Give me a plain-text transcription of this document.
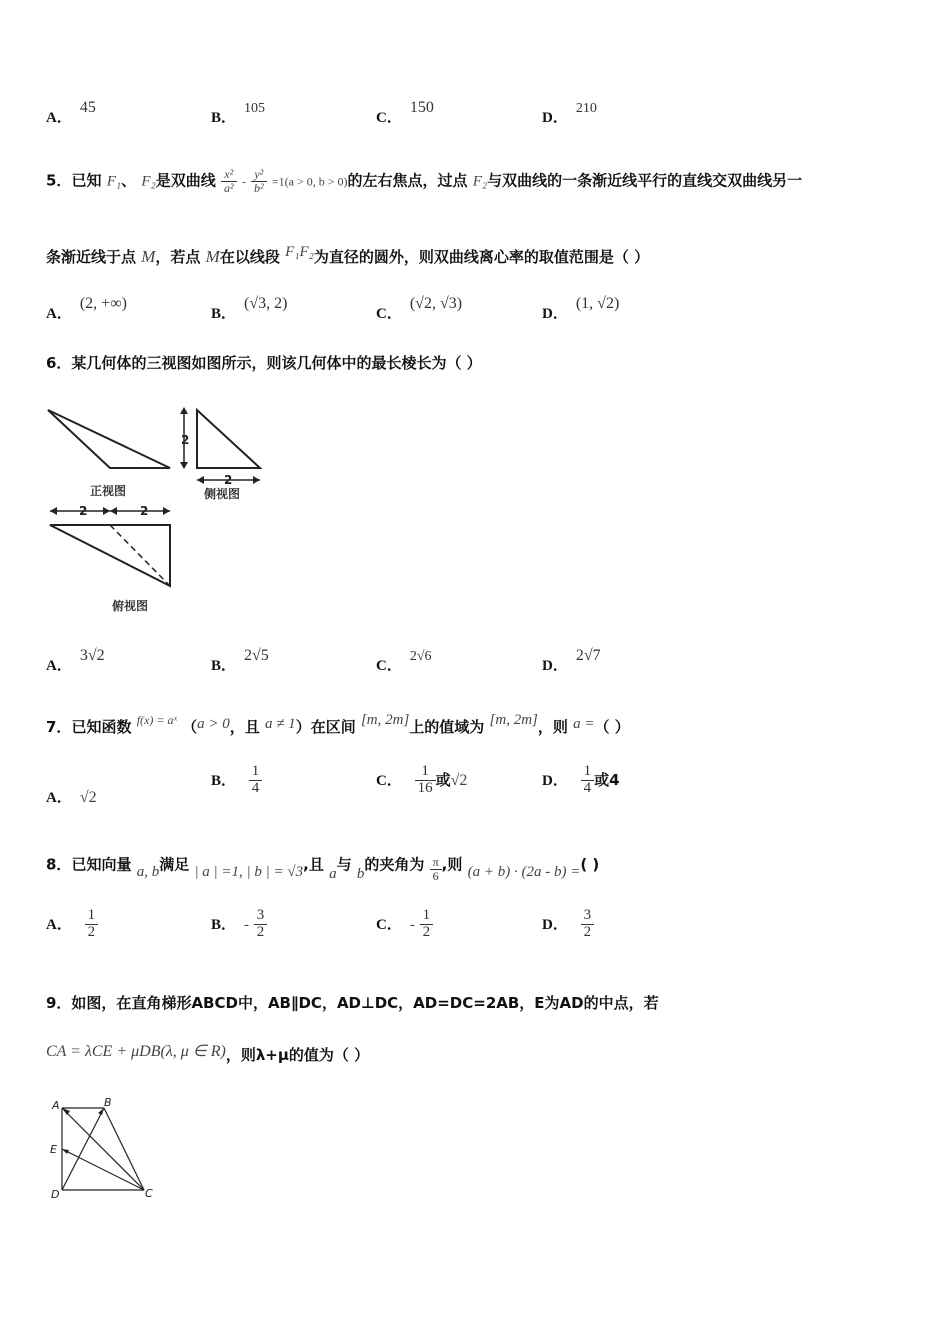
A．45
B．105
C．150
D．210
5．已知 F₁、 F₂是双曲线 $\frac{\text{x²}}{\text{a²}} - \frac{\text{y²}}{\text{b²}} =1(a > 0$, b > 0)的左右焦点，过点 F₂与双曲线的一条渐近线平行的直线交双曲线另一
条渐近线于点 M，若点 M在以线段 F₁F₂为直径的圆外，则双曲线离心率的取值范围是（ ）
A．(2, +∞)
B．(√3, 2)
C．(√2, √3)
D．(1, √2)
6．某几何体的三视图如图所示，则该几何体中的最长棱长为（ ）
正视图
2
2
侧视图
2	2
俯视图
A．3√2
B．2√5
C．2√6
D．2√7
7．已知函数 $^{f(x) = aˣ}$ （a > 0，且 a ≠ 1）在区间 [m, 2m]上的值域为 [m, 2m]，则 a =（ ）
A． √2
B． $\frac{1}{4}$	C． $\frac{1}{16}$ 或√2	D． $\frac{1}{4}$ 或4
8．已知向量 a, b满足 | a | =1, | b | = √3,且 a与 b的夹角为 $\frac{\pi}{6}$ ,则 (a + b) · (2a - b) =( )
A． $\frac{1}{2}$	B． - $\frac{3}{2}$	C． - $\frac{1}{2}$	D． $\frac{3}{2}$
9．如图，在直角梯形ABCD中，AB∥DC，AD⊥DC，AD=DC=2AB，E为AD的中点，若
CA = λCE + μDB(λ, μ ∈ R)，则λ+μ的值为（ ）
A	B
E
D	C
